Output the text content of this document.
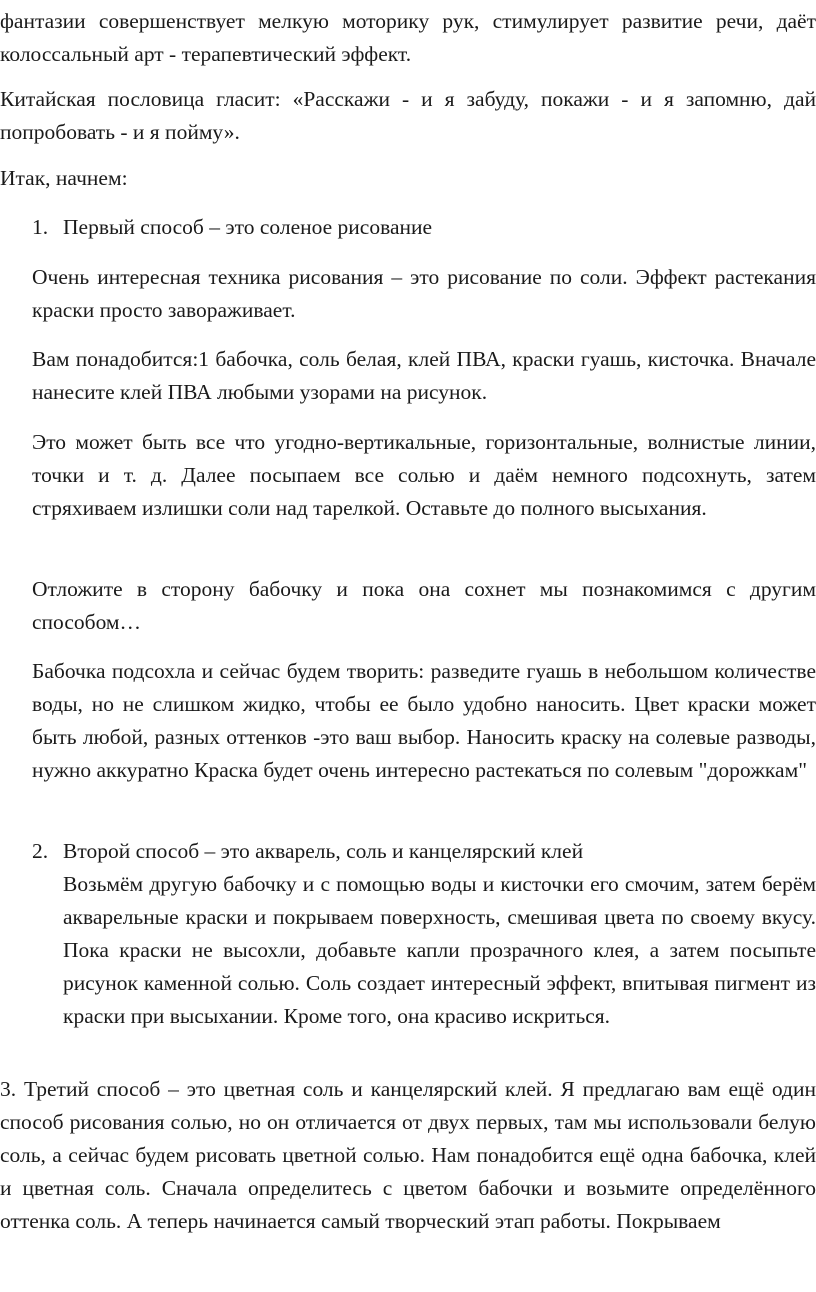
фантазии совершенствует мелкую моторику рук, стимулирует развитие речи, даёт колоссальный арт - терапевтический эффект.

Китайская пословица гласит: «Расскажи - и я забуду, покажи - и я запомню, дай попробовать - и я пойму».

Итак, начнем:

1. Первый способ – это соленое рисование

Очень интересная техника рисования – это рисование по соли. Эффект растекания краски просто завораживает.

Вам понадобится:1 бабочка, соль белая, клей ПВА, краски гуашь, кисточка. Вначале нанесите клей ПВА любыми узорами на рисунок.

Это может быть все что угодно-вертикальные, горизонтальные, волнистые линии, точки и т. д. Далее посыпаем все солью и даём немного подсохнуть, затем стряхиваем излишки соли над тарелкой. Оставьте до полного высыхания.

Отложите в сторону бабочку и пока она сохнет мы познакомимся с другим способом…

Бабочка подсохла и сейчас будем творить: разведите гуашь в небольшом количестве воды, но не слишком жидко, чтобы ее было удобно наносить. Цвет краски может быть любой, разных оттенков -это ваш выбор. Наносить краску на солевые разводы, нужно аккуратно Краска будет очень интересно растекаться по солевым "дорожкам"

2. Второй способ – это акварель, соль и канцелярский клей

Возьмём другую бабочку и с помощью воды и кисточки его смочим, затем берём акварельные краски и покрываем поверхность, смешивая цвета по своему вкусу. Пока краски не высохли, добавьте капли прозрачного клея, а затем посыпьте рисунок каменной солью. Соль создает интересный эффект, впитывая пигмент из краски при высыхании. Кроме того, она красиво искриться.

3. Третий способ – это цветная соль и канцелярский клей. Я предлагаю вам ещё один способ рисования солью, но он отличается от двух первых, там мы использовали белую соль, а сейчас будем рисовать цветной солью. Нам понадобится ещё одна бабочка, клей и цветная соль. Сначала определитесь с цветом бабочки и возьмите определённого оттенка соль. А теперь начинается самый творческий этап работы. Покрываем
